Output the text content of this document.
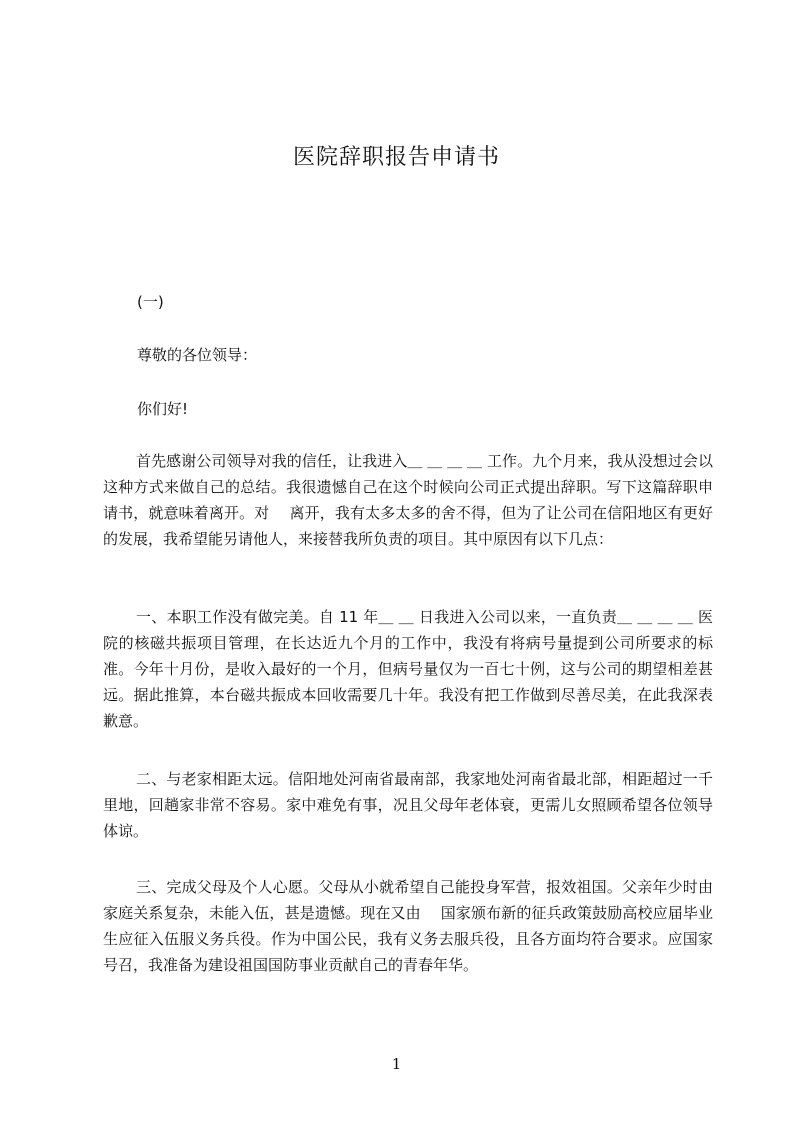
医院辞职报告申请书
(一)
尊敬的各位领导：
你们好!
首先感谢公司领导对我的信任，让我进入＿ ＿ ＿ ＿ 工作。九个月来，我从没想过会以这种方式来做自己的总结。我很遗憾自己在这个时候向公司正式提出辞职。写下这篇辞职申请书，就意味着离开。对　 离开，我有太多太多的舍不得，但为了让公司在信阳地区有更好的发展，我希望能另请他人，来接替我所负责的项目。其中原因有以下几点：
一、本职工作没有做完美。自 11 年＿ ＿ 日我进入公司以来，一直负责＿ ＿ ＿ ＿ 医院的核磁共振项目管理，在长达近九个月的工作中，我没有将病号量提到公司所要求的标准。今年十月份，是收入最好的一个月，但病号量仅为一百七十例，这与公司的期望相差甚远。据此推算，本台磁共振成本回收需要几十年。我没有把工作做到尽善尽美，在此我深表歉意。
二、与老家相距太远。信阳地处河南省最南部，我家地处河南省最北部，相距超过一千里地，回趟家非常不容易。家中难免有事，况且父母年老体衰，更需儿女照顾希望各位领导体谅。
三、完成父母及个人心愿。父母从小就希望自己能投身军营，报效祖国。父亲年少时由　 家庭关系复杂，未能入伍，甚是遗憾。现在又由　 国家颁布新的征兵政策鼓励高校应届毕业生应征入伍服义务兵役。作为中国公民，我有义务去服兵役，且各方面均符合要求。应国家号召，我准备为建设祖国国防事业贡献自己的青春年华。
1
